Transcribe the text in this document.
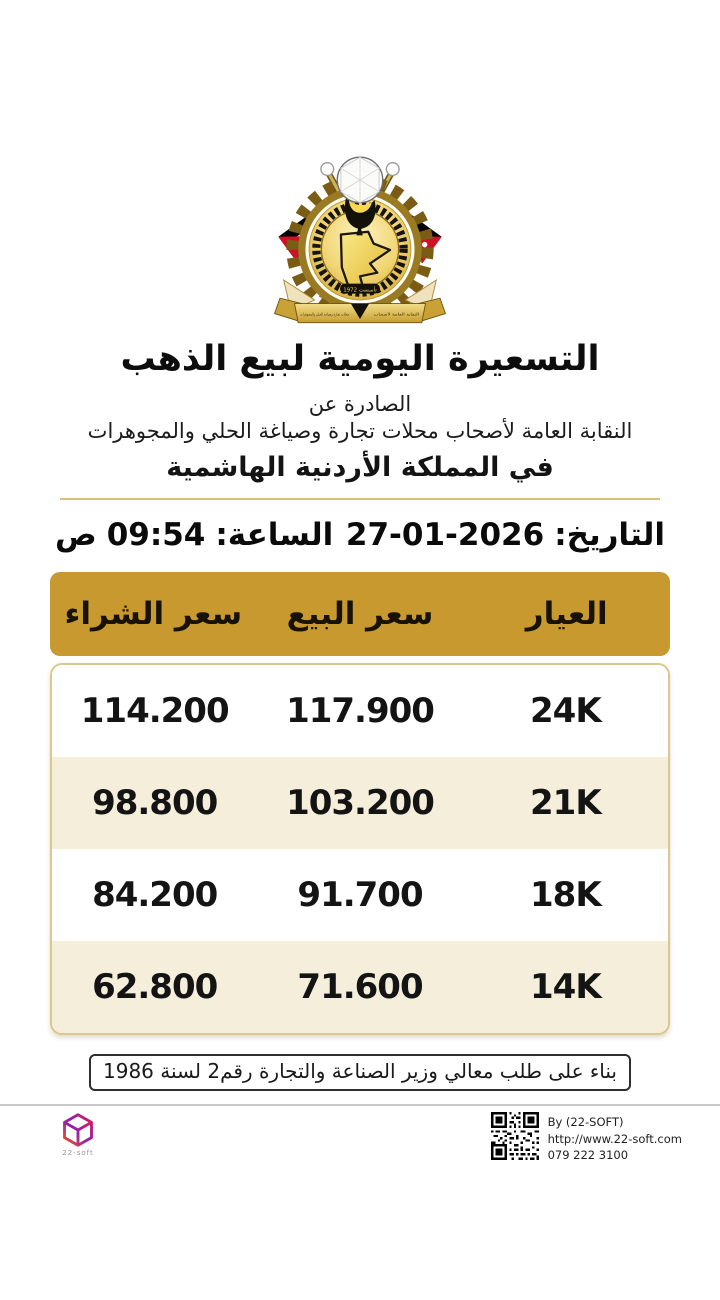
تأسست 1972
محلات تجارة وصياغة الحلي والمجوهرات	النقابة العامة لأصحاب
التسعيرة اليومية لبيع الذهب
الصادرة عن
النقابة العامة لأصحاب محلات تجارة وصياغة الحلي والمجوهرات
في المملكة الأردنية الهاشمية
التاريخ:
27-01-2026
الساعة:
09:54
ص
العيار
سعر البيع
سعر الشراء
24K
117.900
114.200
21K
103.200
98.800
18K
91.700
84.200
14K
71.600
62.800
بناء على طلب معالي وزير الصناعة والتجارة رقم2 لسنة 1986
22-soft
By (22-SOFT)
http://www.22-soft.com
079 222 3100
